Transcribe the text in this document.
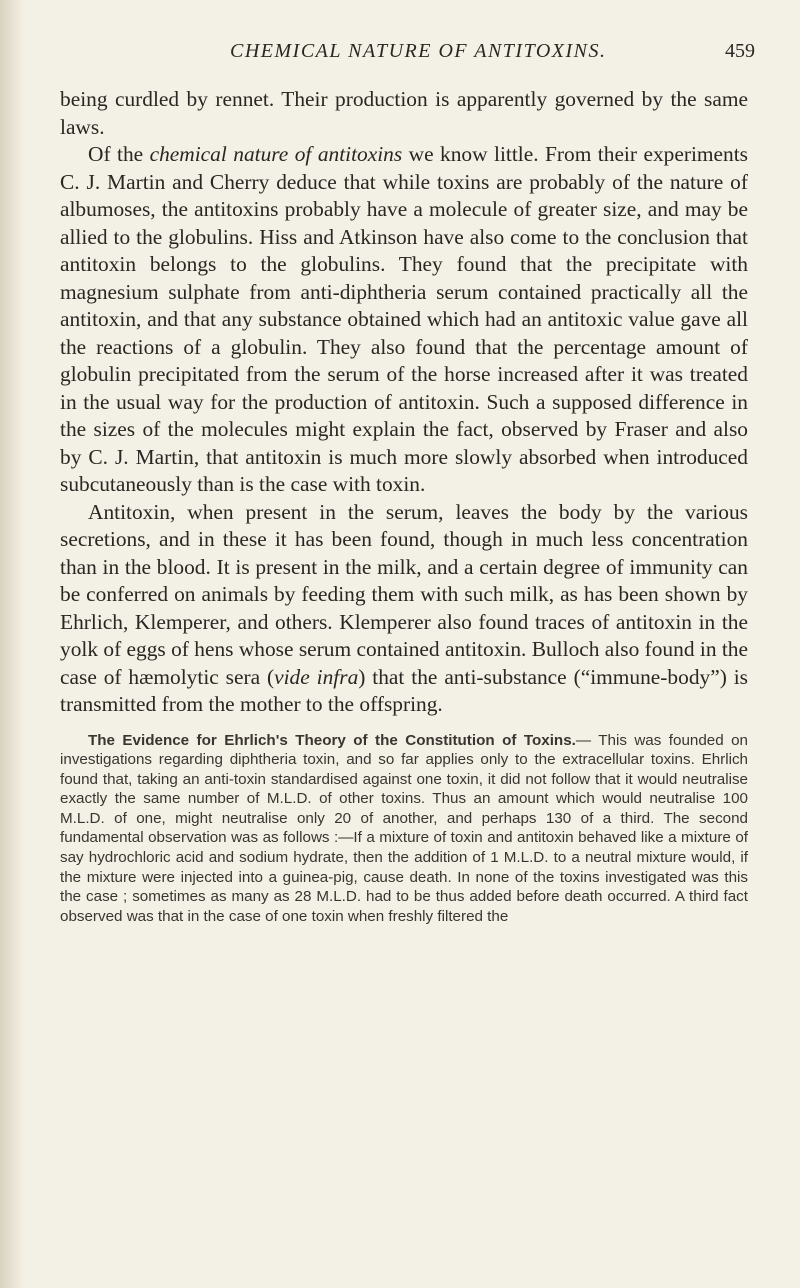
CHEMICAL NATURE OF ANTITOXINS.	459

being curdled by rennet. Their production is apparently governed by the same laws.

Of the chemical nature of antitoxins we know little. From their experiments C. J. Martin and Cherry deduce that while toxins are probably of the nature of albumoses, the antitoxins probably have a molecule of greater size, and may be allied to the globulins. Hiss and Atkinson have also come to the conclusion that antitoxin belongs to the globulins. They found that the precipitate with magnesium sulphate from anti-diphtheria serum contained practically all the antitoxin, and that any substance obtained which had an antitoxic value gave all the reactions of a globulin. They also found that the percentage amount of globulin precipitated from the serum of the horse increased after it was treated in the usual way for the production of antitoxin. Such a supposed difference in the sizes of the molecules might explain the fact, observed by Fraser and also by C. J. Martin, that antitoxin is much more slowly absorbed when introduced subcutaneously than is the case with toxin.

Antitoxin, when present in the serum, leaves the body by the various secretions, and in these it has been found, though in much less concentration than in the blood. It is present in the milk, and a certain degree of immunity can be conferred on animals by feeding them with such milk, as has been shown by Ehrlich, Klemperer, and others. Klemperer also found traces of antitoxin in the yolk of eggs of hens whose serum contained antitoxin. Bulloch also found in the case of hæmolytic sera (vide infra) that the anti-substance (“immune-body”) is transmitted from the mother to the offspring.

The Evidence for Ehrlich's Theory of the Constitution of Toxins.— This was founded on investigations regarding diphtheria toxin, and so far applies only to the extracellular toxins. Ehrlich found that, taking an anti-toxin standardised against one toxin, it did not follow that it would neutralise exactly the same number of M.L.D. of other toxins. Thus an amount which would neutralise 100 M.L.D. of one, might neutralise only 20 of another, and perhaps 130 of a third. The second fundamental observation was as follows :—If a mixture of toxin and antitoxin behaved like a mixture of say hydrochloric acid and sodium hydrate, then the addition of 1 M.L.D. to a neutral mixture would, if the mixture were injected into a guinea-pig, cause death. In none of the toxins investigated was this the case ; sometimes as many as 28 M.L.D. had to be thus added before death occurred. A third fact observed was that in the case of one toxin when freshly filtered the
